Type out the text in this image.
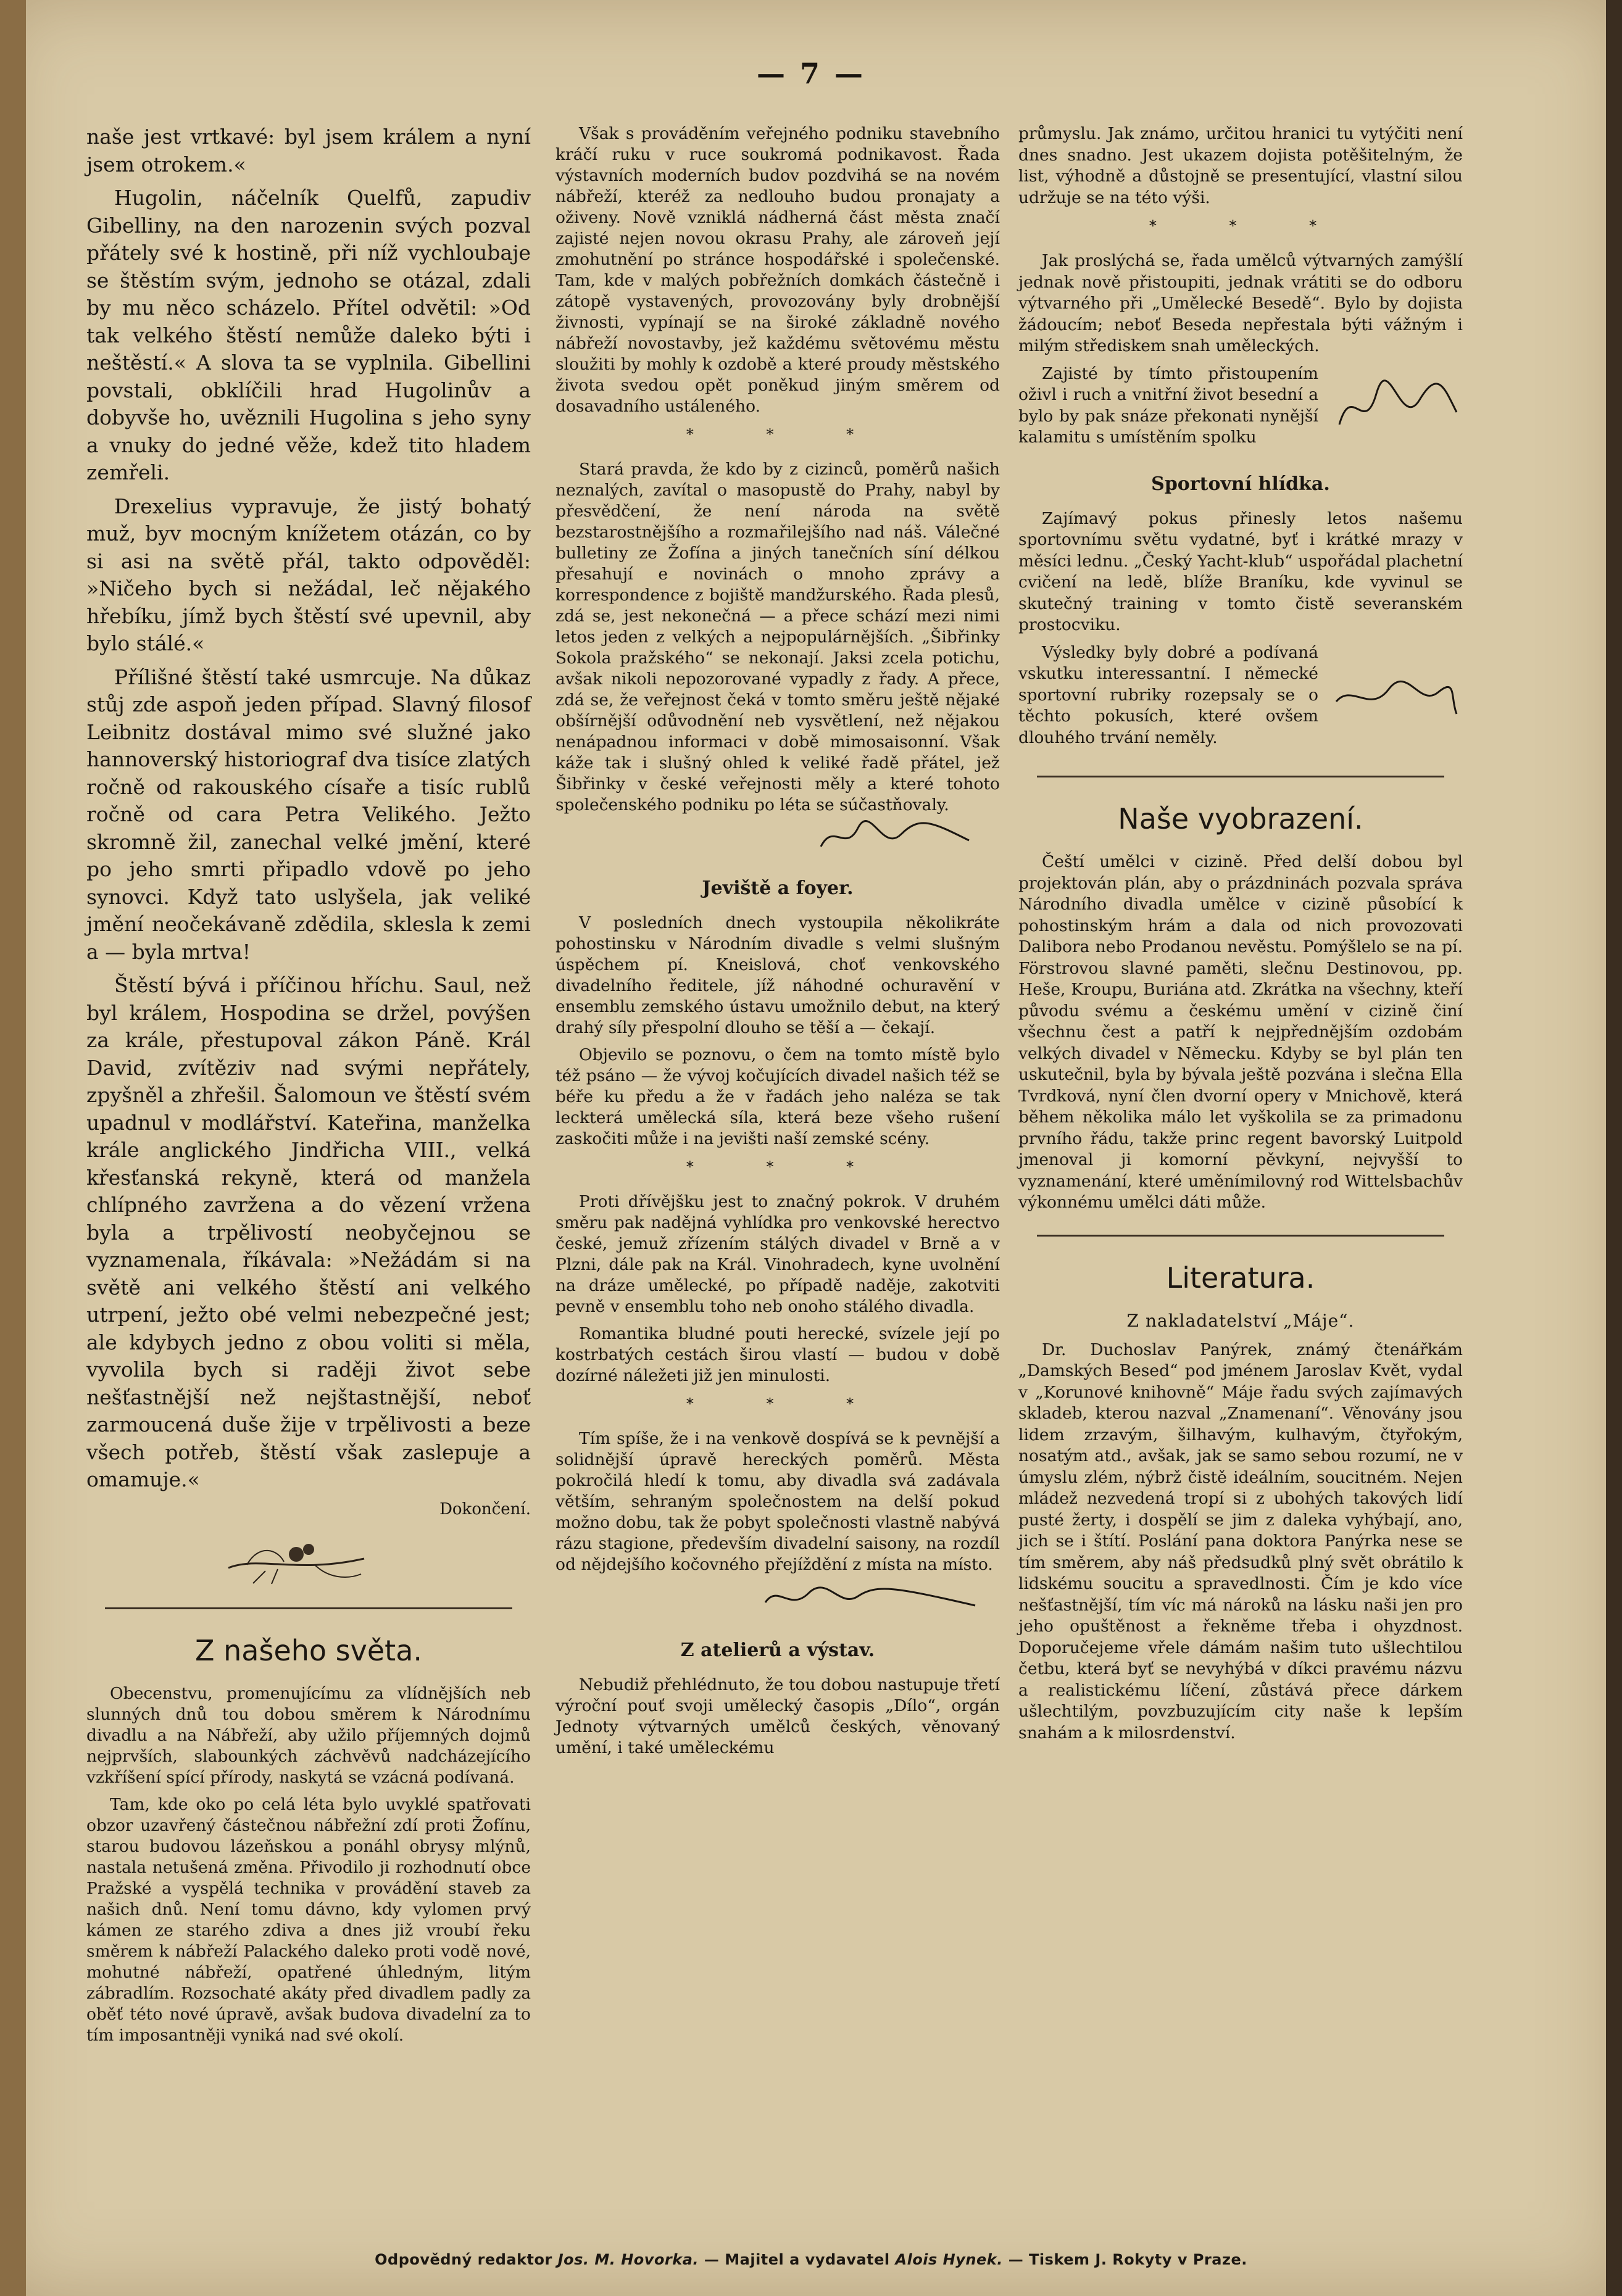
— 7 —

naše jest vrtkavé: byl jsem králem a nyní jsem otrokem.«

Hugolin, náčelník Quelfů, zapudiv Gibelliny, na den narozenin svých pozval přátely své k hostině, při níž vychloubaje se štěstím svým, jednoho se otázal, zdali by mu něco scházelo. Přítel odvětil: »Od tak velkého štěstí nemůže daleko býti i neštěstí.« A slova ta se vyplnila. Gibellini povstali, obklíčili hrad Hugolinův a dobyvše ho, uvěznili Hugolina s jeho syny a vnuky do jedné věže, kdež tito hladem zemřeli.

Drexelius vypravuje, že jistý bohatý muž, byv mocným knížetem otázán, co by si asi na světě přál, takto odpověděl: »Ničeho bych si nežádal, leč nějakého hřebíku, jímž bych štěstí své upevnil, aby bylo stálé.«

Přílišné štěstí také usmrcuje. Na důkaz stůj zde aspoň jeden případ. Slavný filosof Leibnitz dostával mimo své služné jako hannoverský historiograf dva tisíce zlatých ročně od rakouského císaře a tisíc rublů ročně od cara Petra Velikého. Ježto skromně žil, zanechal velké jmění, které po jeho smrti připadlo vdově po jeho synovci. Když tato uslyšela, jak veliké jmění neočekávaně zdědila, sklesla k zemi a — byla mrtva!

Štěstí bývá i příčinou hříchu. Saul, než byl králem, Hospodina se držel, povýšen za krále, přestupoval zákon Páně. Král David, zvítěziv nad svými nepřátely, zpyšněl a zhřešil. Šalomoun ve štěstí svém upadnul v modlářství. Kateřina, manželka krále anglického Jindřicha VIII., velká křesťanská rekyně, která od manžela chlípného zavržena a do vězení vržena byla a trpělivostí neobyčejnou se vyznamenala, říkávala: »Nežádám si na světě ani velkého štěstí ani velkého utrpení, ježto obé velmi nebezpečné jest; ale kdybych jedno z obou voliti si měla, vyvolila bych si raději život sebe nešťastnější než nejštastnější, neboť zarmoucená duše žije v trpělivosti a beze všech potřeb, štěstí však zaslepuje a omamuje.«

Dokončení.
Z našeho světa.

Obecenstvu, promenujícímu za vlídnějších neb slunných dnů tou dobou směrem k Národnímu divadlu a na Nábřeží, aby užilo příjemných dojmů nejprvších, slabounkých záchvěvů nadcházejícího vzkříšení spící přírody, naskytá se vzácná podívaná.

Tam, kde oko po celá léta bylo uvyklé spatřovati obzor uzavřený částečnou nábřežní zdí proti Žofínu, starou budovou lázeňskou a ponáhl obrysy mlýnů, nastala netušená změna. Přivodilo ji rozhodnutí obce Pražské a vyspělá technika v provádění staveb za našich dnů. Není tomu dávno, kdy vylomen prvý kámen ze starého zdiva a dnes již vroubí řeku směrem k nábřeží Palackého daleko proti vodě nové, mohutné nábřeží, opatřené úhledným, litým zábradlím. Rozsochaté akáty před divadlem padly za oběť této nové úpravě, avšak budova divadelní za to tím imposantněji vyniká nad své okolí.

Však s prováděním veřejného podniku stavebního kráčí ruku v ruce soukromá podnikavost. Řada výstavních moderních budov pozdvihá se na novém nábřeží, kteréž za nedlouho budou pronajaty a oživeny. Nově vzniklá nádherná část města značí zajisté nejen novou okrasu Prahy, ale zároveň její zmohutnění po stránce hospodářské i společenské. Tam, kde v malých pobřežních domkách částečně i zátopě vystavených, provozovány byly drobnější živnosti, vypínají se na široké základně nového nábřeží novostavby, jež každému světovému městu sloužiti by mohly k ozdobě a které proudy městského života svedou opět poněkud jiným směrem od dosavadního ustáleného.

* * *

Stará pravda, že kdo by z cizinců, poměrů našich neznalých, zavítal o masopustě do Prahy, nabyl by přesvědčení, že není národa na světě bezstarostnějšího a rozmařilejšího nad náš. Válečné bulletiny ze Žofína a jiných tanečních síní délkou přesahují e novinách o mnoho zprávy a korrespondence z bojiště mandžurského. Řada plesů, zdá se, jest nekonečná — a přece schází mezi nimi letos jeden z velkých a nejpopulárnějších. „Šibřinky Sokola pražského“ se nekonají. Jaksi zcela potichu, avšak nikoli nepozorované vypadly z řady. A přece, zdá se, že veřejnost čeká v tomto směru ještě nějaké obšírnější odůvodnění neb vysvětlení, než nějakou nenápadnou informaci v době mimosaisonní. Však káže tak i slušný ohled k veliké řadě přátel, jež Šibřinky v české veřejnosti měly a které tohoto společenského podniku po léta se súčastňovaly.

Jeviště a foyer.

V posledních dnech vystoupila několikráte pohostinsku v Národním divadle s velmi slušným úspěchem pí. Kneislová, choť venkovského divadelního ředitele, jíž náhodné ochuravění v ensemblu zemského ústavu umožnilo debut, na který drahý síly přespolní dlouho se těší a — čekají.

Objevilo se poznovu, o čem na tomto místě bylo též psáno — že vývoj kočujících divadel našich též se béře ku předu a že v řadách jeho naléza se tak leckterá umělecká síla, která beze všeho rušení zaskočiti může i na jevišti naší zemské scény.

* * *

Proti dřívějšku jest to značný pokrok. V druhém směru pak nadějná vyhlídka pro venkovské herectvo české, jemuž zřízením stálých divadel v Brně a v Plzni, dále pak na Král. Vinohradech, kyne uvolnění na dráze umělecké, po případě naděje, zakotviti pevně v ensemblu toho neb onoho stálého divadla.

Romantika bludné pouti herecké, svízele její po kostrbatých cestách širou vlastí — budou v době dozírné náležeti již jen minulosti.

* * *

Tím spíše, že i na venkově dospívá se k pevnější a solidnější úpravě hereckých poměrů. Města pokročilá hledí k tomu, aby divadla svá zadávala větším, sehraným společnostem na delší pokud možno dobu, tak že pobyt společnosti vlastně nabývá rázu stagione, především divadelní saisony, na rozdíl od nějdejšího kočovného přejíždění z místa na místo.

Z atelierů a výstav.

Nebudiž přehlédnuto, že tou dobou nastupuje třetí výroční pouť svoji umělecký časopis „Dílo“, orgán Jednoty výtvarných umělců českých, věnovaný umění, i také uměleckému

průmyslu. Jak známo, určitou hranici tu vytýčiti není dnes snadno. Jest ukazem dojista potěšitelným, že list, výhodně a důstojně se presentující, vlastní silou udržuje se na této výši.

* * *

Jak proslýchá se, řada umělců výtvarných zamýšlí jednak nově přistoupiti, jednak vrátiti se do odboru výtvarného při „Umělecké Besedě“. Bylo by dojista žádoucím; neboť Beseda nepřestala býti vážným i milým střediskem snah uměleckých.

Zajisté by tímto přistoupením oživl i ruch a vnitřní život besední a bylo by pak snáze překonati nynější kalamitu s umístěním spolku

Sportovní hlídka.

Zajímavý pokus přinesly letos našemu sportovnímu světu vydatné, byť i krátké mrazy v měsíci lednu. „Český Yacht-klub“ uspořádal plachetní cvičení na ledě, blíže Braníku, kde vyvinul se skutečný training v tomto čistě severanském prostocviku.

Výsledky byly dobré a podívaná vskutku interessantní. I německé sportovní rubriky rozepsaly se o těchto pokusích, které ovšem dlouhého trvání neměly.

Naše vyobrazení.

Čeští umělci v cizině. Před delší dobou byl projektován plán, aby o prázdninách pozvala správa Národního divadla umělce v cizině působící k pohostinským hrám a dala od nich provozovati Dalibora nebo Prodanou nevěstu. Pomýšlelo se na pí. Förstrovou slavné paměti, slečnu Destinovou, pp. Heše, Kroupu, Buriána atd. Zkrátka na všechny, kteří původu svému a českému umění v cizině činí všechnu čest a patří k nejpřednějším ozdobám velkých divadel v Německu. Kdyby se byl plán ten uskutečnil, byla by bývala ještě pozvána i slečna Ella Tvrdková, nyní člen dvorní opery v Mnichově, která během několika málo let vyškolila se za primadonu prvního řádu, takže princ regent bavorský Luitpold jmenoval ji komorní pěvkyní, nejvyšší to vyznamenání, které uměnímilovný rod Wittelsbachův výkonnému umělci dáti může.

Literatura.
Z nakladatelství „Máje“.

Dr. Duchoslav Panýrek, známý čtenářkám „Damských Besed“ pod jménem Jaroslav Květ, vydal v „Korunové knihovně“ Máje řadu svých zajímavých skladeb, kterou nazval „Znamenaní“. Věnovány jsou lidem zrzavým, šilhavým, kulhavým, čtyřokým, nosatým atd., avšak, jak se samo sebou rozumí, ne v úmyslu zlém, nýbrž čistě ideálním, soucitném. Nejen mládež nezvedená tropí si z ubohých takových lidí pusté žerty, i dospělí se jim z daleka vyhýbají, ano, jich se i štítí. Poslání pana doktora Panýrka nese se tím směrem, aby náš předsudků plný svět obrátilo k lidskému soucitu a spravedlnosti. Čím je kdo více nešťastnější, tím víc má nároků na lásku naši jen pro jeho opuštěnost a řekněme třeba i ohyzdnost. Doporučejeme vřele dámám našim tuto ušlechtilou četbu, která byť se nevyhýbá v díkci pravému názvu a realistickému líčení, zůstává přece dárkem ušlechtilým, povzbuzujícím city naše k lepším snahám a k milosrdenství.

Odpovědný redaktor Jos. M. Hovorka. — Majitel a vydavatel Alois Hynek. — Tiskem J. Rokyty v Praze.
